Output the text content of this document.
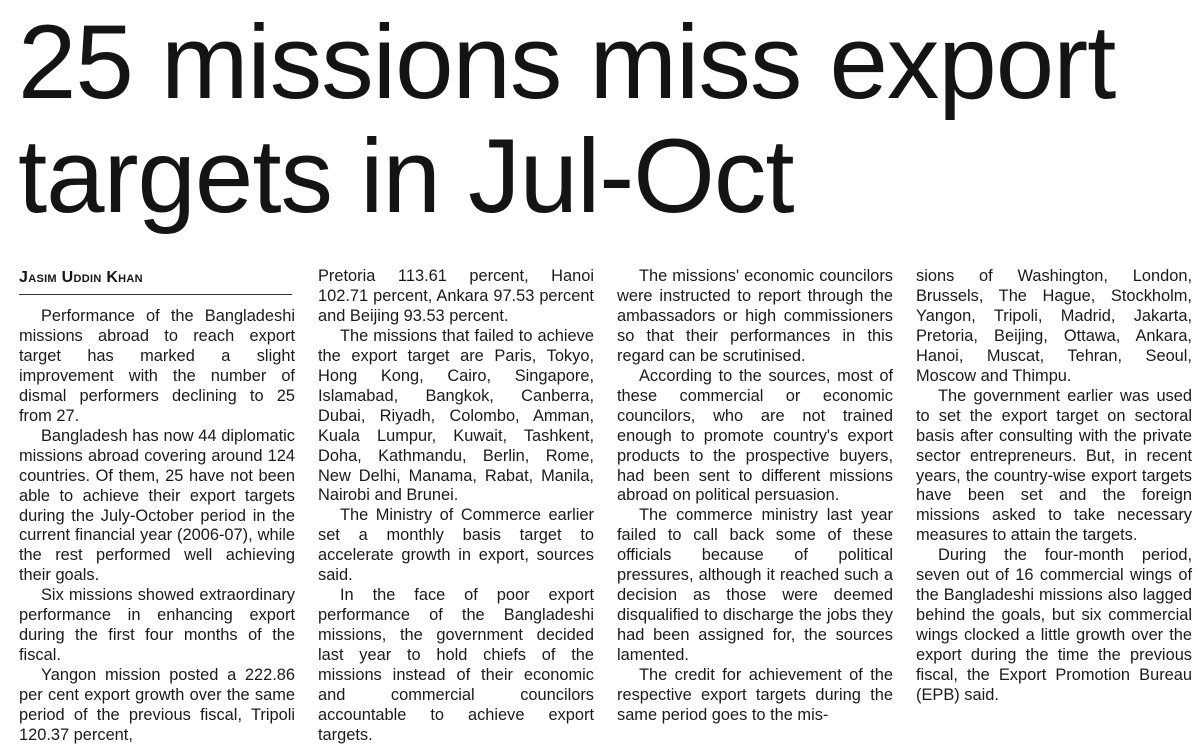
25 missions miss export targets in Jul-Oct
Jasim Uddin Khan

Performance of the Bangladeshi missions abroad to reach export target has marked a slight improvement with the number of dismal performers declining to 25 from 27.

Bangladesh has now 44 diplomatic missions abroad covering around 124 countries. Of them, 25 have not been able to achieve their export targets during the July-October period in the current financial year (2006-07), while the rest performed well achieving their goals.

Six missions showed extraordinary performance in enhancing export during the first four months of the fiscal.

Yangon mission posted a 222.86 per cent export growth over the same period of the previous fiscal, Tripoli 120.37 percent,

Pretoria 113.61 percent, Hanoi 102.71 percent, Ankara 97.53 percent and Beijing 93.53 percent.

The missions that failed to achieve the export target are Paris, Tokyo, Hong Kong, Cairo, Singapore, Islamabad, Bangkok, Canberra, Dubai, Riyadh, Colombo, Amman, Kuala Lumpur, Kuwait, Tashkent, Doha, Kathmandu, Berlin, Rome, New Delhi, Manama, Rabat, Manila, Nairobi and Brunei.

The Ministry of Commerce earlier set a monthly basis target to accelerate growth in export, sources said.

In the face of poor export performance of the Bangladeshi missions, the government decided last year to hold chiefs of the missions instead of their economic and commercial councilors accountable to achieve export targets.

The missions' economic councilors were instructed to report through the ambassadors or high commissioners so that their performances in this regard can be scrutinised.

According to the sources, most of these commercial or economic councilors, who are not trained enough to promote country's export products to the prospective buyers, had been sent to different missions abroad on political persuasion.

The commerce ministry last year failed to call back some of these officials because of political pressures, although it reached such a decision as those were deemed disqualified to discharge the jobs they had been assigned for, the sources lamented.

The credit for achievement of the respective export targets during the same period goes to the mis-

sions of Washington, London, Brussels, The Hague, Stockholm, Yangon, Tripoli, Madrid, Jakarta, Pretoria, Beijing, Ottawa, Ankara, Hanoi, Muscat, Tehran, Seoul, Moscow and Thimpu.

The government earlier was used to set the export target on sectoral basis after consulting with the private sector entrepreneurs. But, in recent years, the country-wise export targets have been set and the foreign missions asked to take necessary measures to attain the targets.

During the four-month period, seven out of 16 commercial wings of the Bangladeshi missions also lagged behind the goals, but six commercial wings clocked a little growth over the export during the time the previous fiscal, the Export Promotion Bureau (EPB) said.
